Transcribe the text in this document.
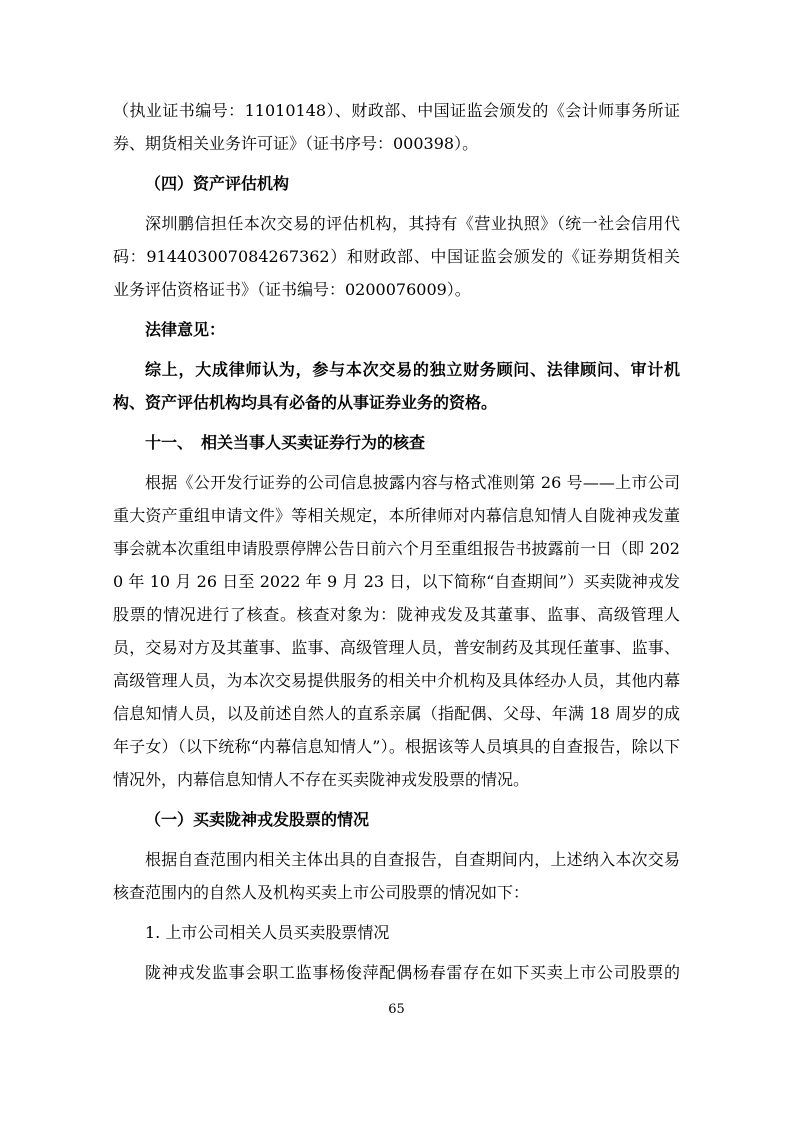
（执业证书编号：11010148）、财政部、中国证监会颁发的《会计师事务所证券、期货相关业务许可证》（证书序号：000398）。

（四）资产评估机构

深圳鹏信担任本次交易的评估机构，其持有《营业执照》（统一社会信用代码：914403007084267362）和财政部、中国证监会颁发的《证券期货相关业务评估资格证书》（证书编号：0200076009）。

法律意见：

综上，大成律师认为，参与本次交易的独立财务顾问、法律顾问、审计机构、资产评估机构均具有必备的从事证券业务的资格。

十一、　相关当事人买卖证券行为的核查

根据《公开发行证券的公司信息披露内容与格式准则第 26 号——上市公司重大资产重组申请文件》等相关规定，本所律师对内幕信息知情人自陇神戎发董事会就本次重组申请股票停牌公告日前六个月至重组报告书披露前一日（即 2020 年 10 月 26 日至 2022 年 9 月 23 日，以下简称“自查期间”）买卖陇神戎发股票的情况进行了核查。核查对象为：陇神戎发及其董事、监事、高级管理人员，交易对方及其董事、监事、高级管理人员，普安制药及其现任董事、监事、高级管理人员，为本次交易提供服务的相关中介机构及具体经办人员，其他内幕信息知情人员，以及前述自然人的直系亲属（指配偶、父母、年满 18 周岁的成年子女）（以下统称“内幕信息知情人”）。根据该等人员填具的自查报告，除以下情况外，内幕信息知情人不存在买卖陇神戎发股票的情况。

（一）买卖陇神戎发股票的情况

根据自查范围内相关主体出具的自查报告，自查期间内，上述纳入本次交易核查范围内的自然人及机构买卖上市公司股票的情况如下：

1. 上市公司相关人员买卖股票情况

陇神戎发监事会职工监事杨俊萍配偶杨春雷存在如下买卖上市公司股票的

65
